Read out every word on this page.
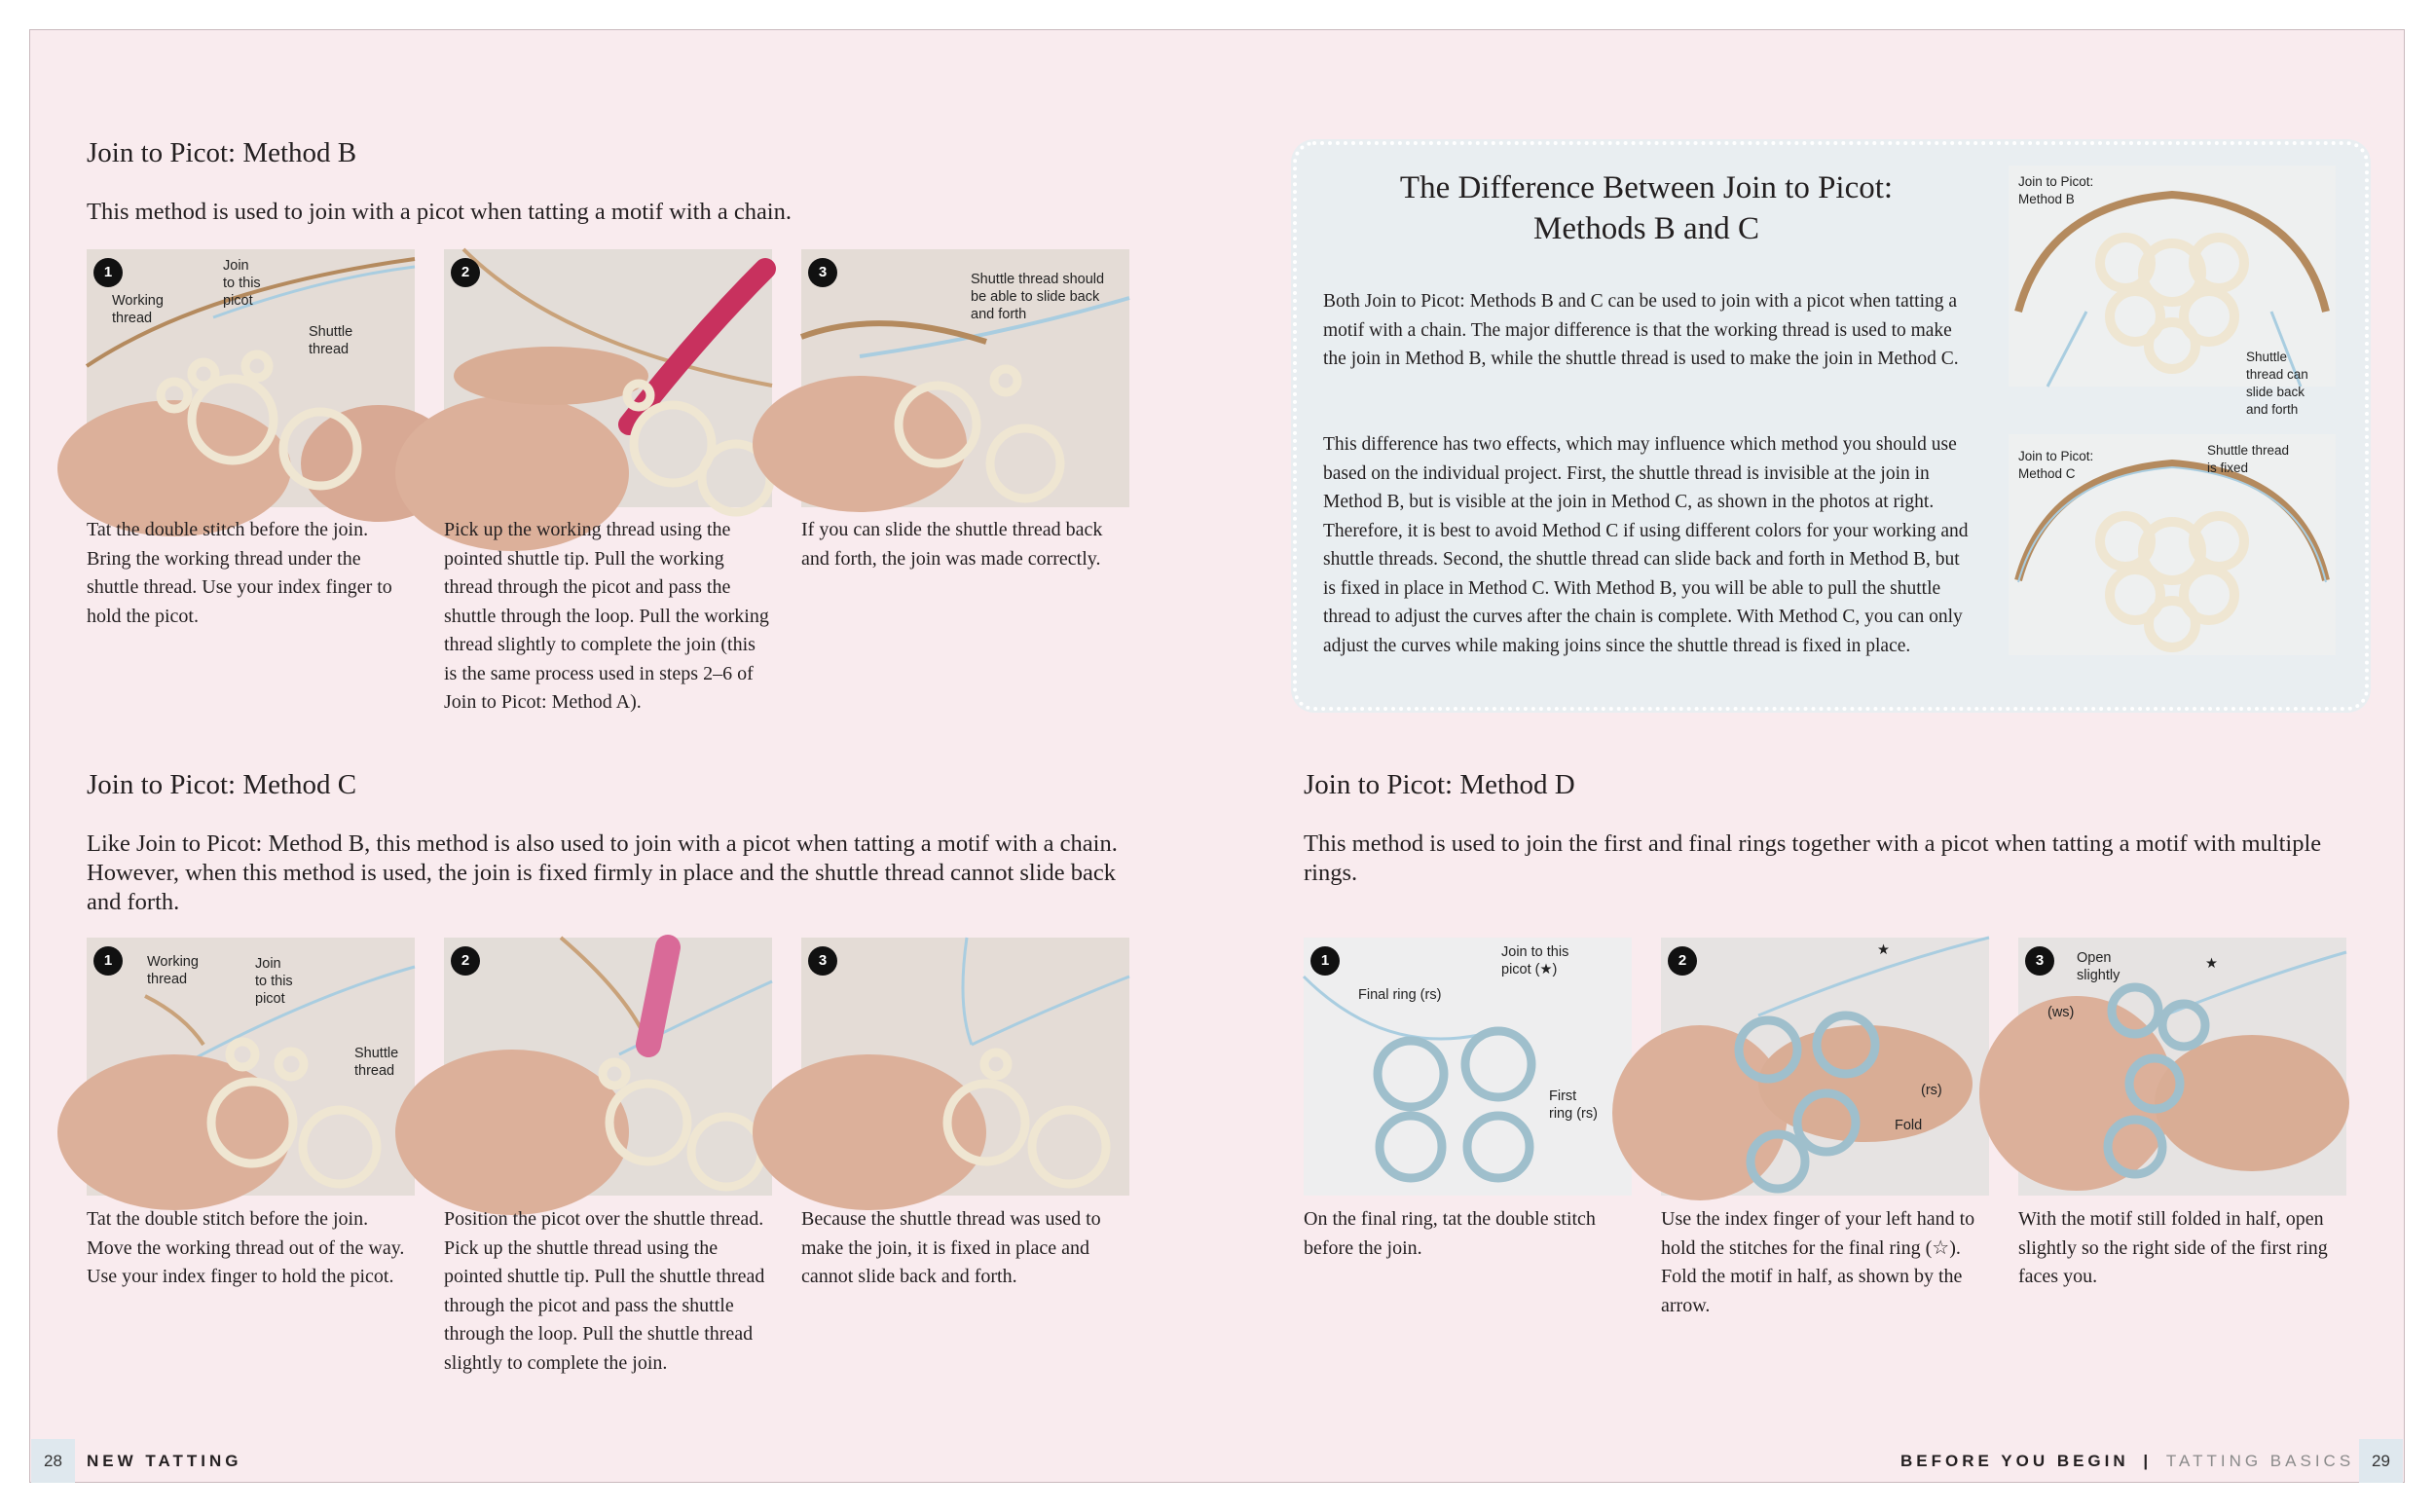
Join to Picot: Method B
This method is used to join with a picot when tatting a motif with a chain.
1	Join
to this
picot
Working
thread
Shuttle
thread
Tat the double stitch before the join. Bring the working thread under the shuttle thread. Use your index finger to hold the picot.
2
Pick up the working thread using the pointed shuttle tip. Pull the working thread through the picot and pass the shuttle through the loop. Pull the working thread slightly to complete the join (this is the same process used in steps 2–6 of Join to Picot: Method A).
3	Shuttle thread should
be able to slide back
and forth
If you can slide the shuttle thread back and forth, the join was made correctly.
The Difference Between Join to Picot:
Methods B and C
Both Join to Picot: Methods B and C can be used to join with a picot when tatting a motif with a chain. The major difference is that the working thread is used to make the join in Method B, while the shuttle thread is used to make the join in Method C.
This difference has two effects, which may influence which method you should use based on the individual project. First, the shuttle thread is invisible at the join in Method B, but is visible at the join in Method C, as shown in the photos at right. Therefore, it is best to avoid Method C if using different colors for your working and shuttle threads. Second, the shuttle thread can slide back and forth in Method B, but is fixed in place in Method C. With Method B, you will be able to pull the shuttle thread to adjust the curves after the chain is complete. With Method C, you can only adjust the curves while making joins since the shuttle thread is fixed in place.
Join to Picot:
Method B
Shuttle
thread can
slide back
and forth
Join to Picot:
Method C
Shuttle thread
is fixed
Join to Picot: Method C
Like Join to Picot: Method B, this method is also used to join with a picot when tatting a motif with a chain. However, when this method is used, the join is fixed firmly in place and the shuttle thread cannot slide back and forth.
1	Working
thread
Join
to this
picot
Shuttle
thread
Tat the double stitch before the join. Move the working thread out of the way. Use your index finger to hold the picot.
2
Position the picot over the shuttle thread. Pick up the shuttle thread using the pointed shuttle tip. Pull the shuttle thread through the picot and pass the shuttle through the loop. Pull the shuttle thread slightly to complete the join.
3
Because the shuttle thread was used to make the join, it is fixed in place and cannot slide back and forth.
Join to Picot: Method D
This method is used to join the first and final rings together with a picot when tatting a motif with multiple rings.
1	Join to this
picot (★)
Final ring (rs)
First
ring (rs)
On the final ring, tat the double stitch before the join.
2
★
(rs)
Fold
Use the index finger of your left hand to hold the stitches for the final ring (☆). Fold the motif in half, as shown by the arrow.
3	Open
slightly
★
(ws)
With the motif still folded in half, open slightly so the right side of the first ring faces you.
28	NEW TATTING	BEFORE YOU BEGIN | TATTING BASICS	29
